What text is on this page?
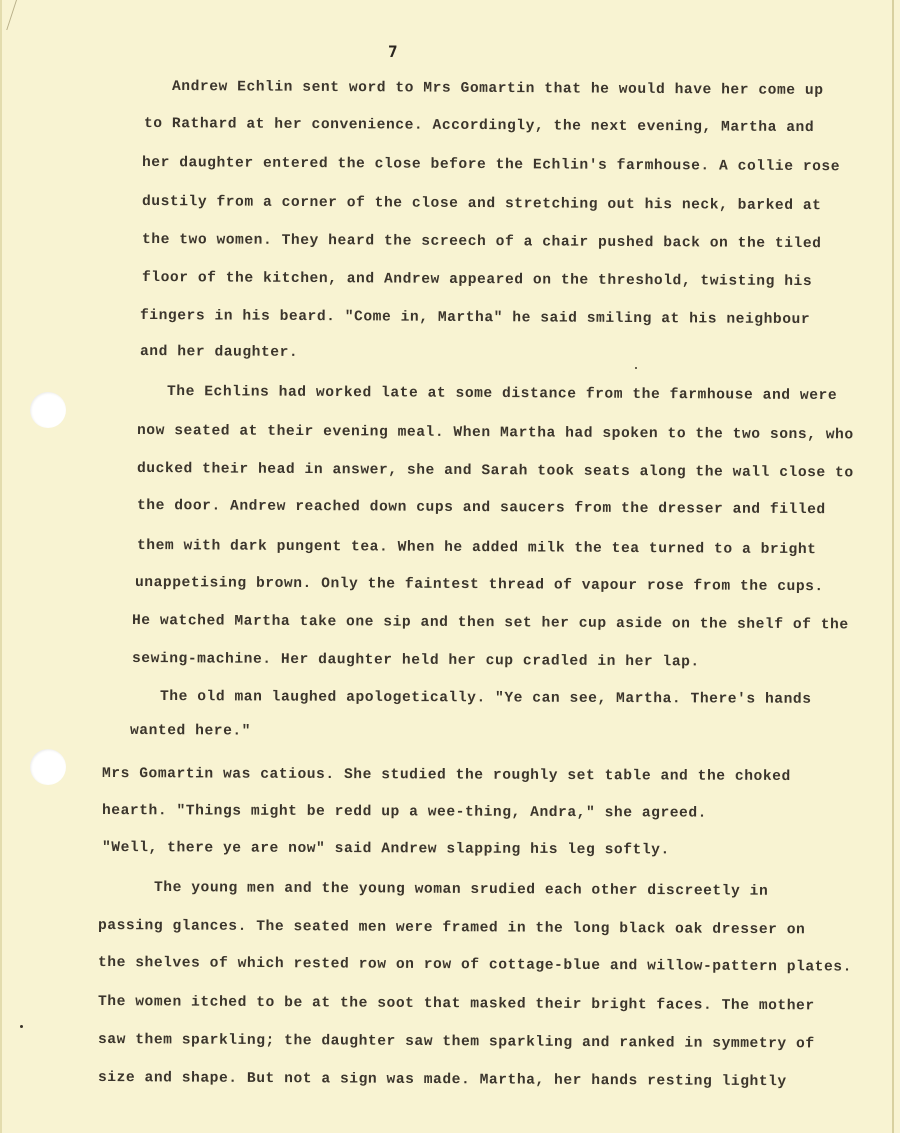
7
Andrew Echlin sent word to Mrs Gomartin that he would have her come up
to Rathard at her convenience. Accordingly, the next evening, Martha and
her daughter entered the close before the Echlin's farmhouse. A collie rose
dustily from a corner of the close and stretching out his neck, barked at
the two women. They heard the screech of a chair pushed back on the tiled
floor of the kitchen, and Andrew appeared on the threshold, twisting his
fingers in his beard. "Come in, Martha" he said smiling at his neighbour
and her daughter.
The Echlins had worked late at some distance from the farmhouse and were
now seated at their evening meal. When Martha had spoken to the two sons, who
ducked their head in answer, she and Sarah took seats along the wall close to
the door. Andrew reached down cups and saucers from the dresser and filled
them with dark pungent tea. When he added milk the tea turned to a bright
unappetising brown. Only the faintest thread of vapour rose from the cups.
He watched Martha take one sip and then set her cup aside on the shelf of the
sewing-machine. Her daughter held her cup cradled in her lap.
The old man laughed apologetically. "Ye can see, Martha. There's hands
wanted here."
Mrs Gomartin was catious. She studied the roughly set table and the choked
hearth. "Things might be redd up a wee-thing, Andra," she agreed.
"Well, there ye are now" said Andrew slapping his leg softly.
The young men and the young woman srudied each other discreetly in
passing glances. The seated men were framed in the long black oak dresser on
the shelves of which rested row on row of cottage-blue and willow-pattern plates.
The women itched to be at the soot that masked their bright faces. The mother
saw them sparkling; the daughter saw them sparkling and ranked in symmetry of
size and shape. But not a sign was made. Martha, her hands resting lightly
